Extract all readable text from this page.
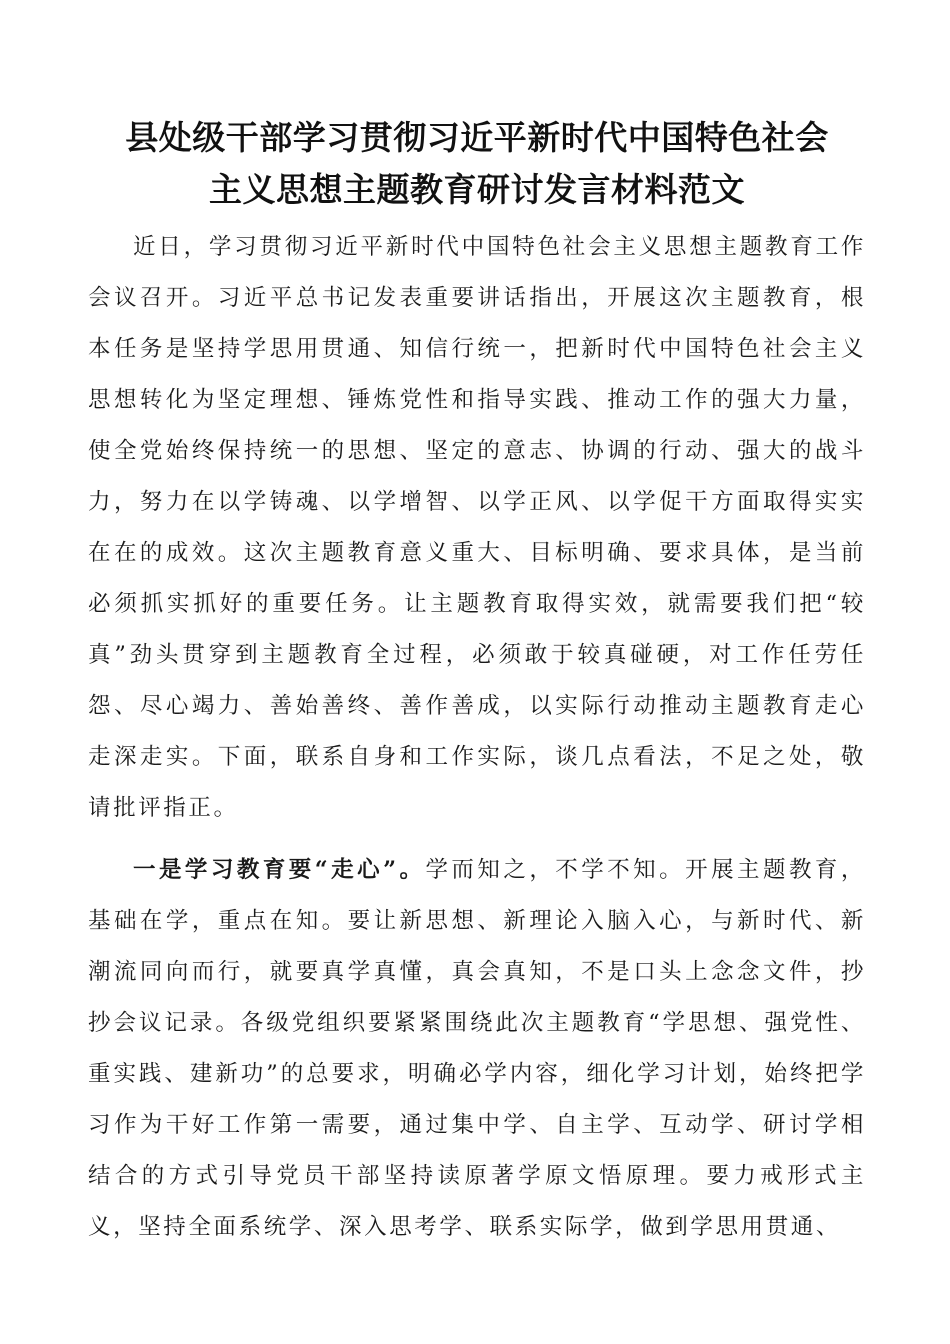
县处级干部学习贯彻习近平新时代中国特色社会
主义思想主题教育研讨发言材料范文

近日，学习贯彻习近平新时代中国特色社会主义思想主题教育工作会议召开。习近平总书记发表重要讲话指出，开展这次主题教育，根本任务是坚持学思用贯通、知信行统一，把新时代中国特色社会主义思想转化为坚定理想、锤炼党性和指导实践、推动工作的强大力量，使全党始终保持统一的思想、坚定的意志、协调的行动、强大的战斗力，努力在以学铸魂、以学增智、以学正风、以学促干方面取得实实在在的成效。这次主题教育意义重大、目标明确、要求具体，是当前必须抓实抓好的重要任务。让主题教育取得实效，就需要我们把“较真”劲头贯穿到主题教育全过程，必须敢于较真碰硬，对工作任劳任怨、尽心竭力、善始善终、善作善成，以实际行动推动主题教育走心走深走实。下面，联系自身和工作实际，谈几点看法，不足之处，敬请批评指正。

一是学习教育要“走心”。学而知之，不学不知。开展主题教育，基础在学，重点在知。要让新思想、新理论入脑入心，与新时代、新潮流同向而行，就要真学真懂，真会真知，不是口头上念念文件，抄抄会议记录。各级党组织要紧紧围绕此次主题教育“学思想、强党性、重实践、建新功”的总要求，明确必学内容，细化学习计划，始终把学习作为干好工作第一需要，通过集中学、自主学、互动学、研讨学相结合的方式引导党员干部坚持读原著学原文悟原理。要力戒形式主义，坚持全面系统学、深入思考学、联系实际学，做到学思用贯通、
